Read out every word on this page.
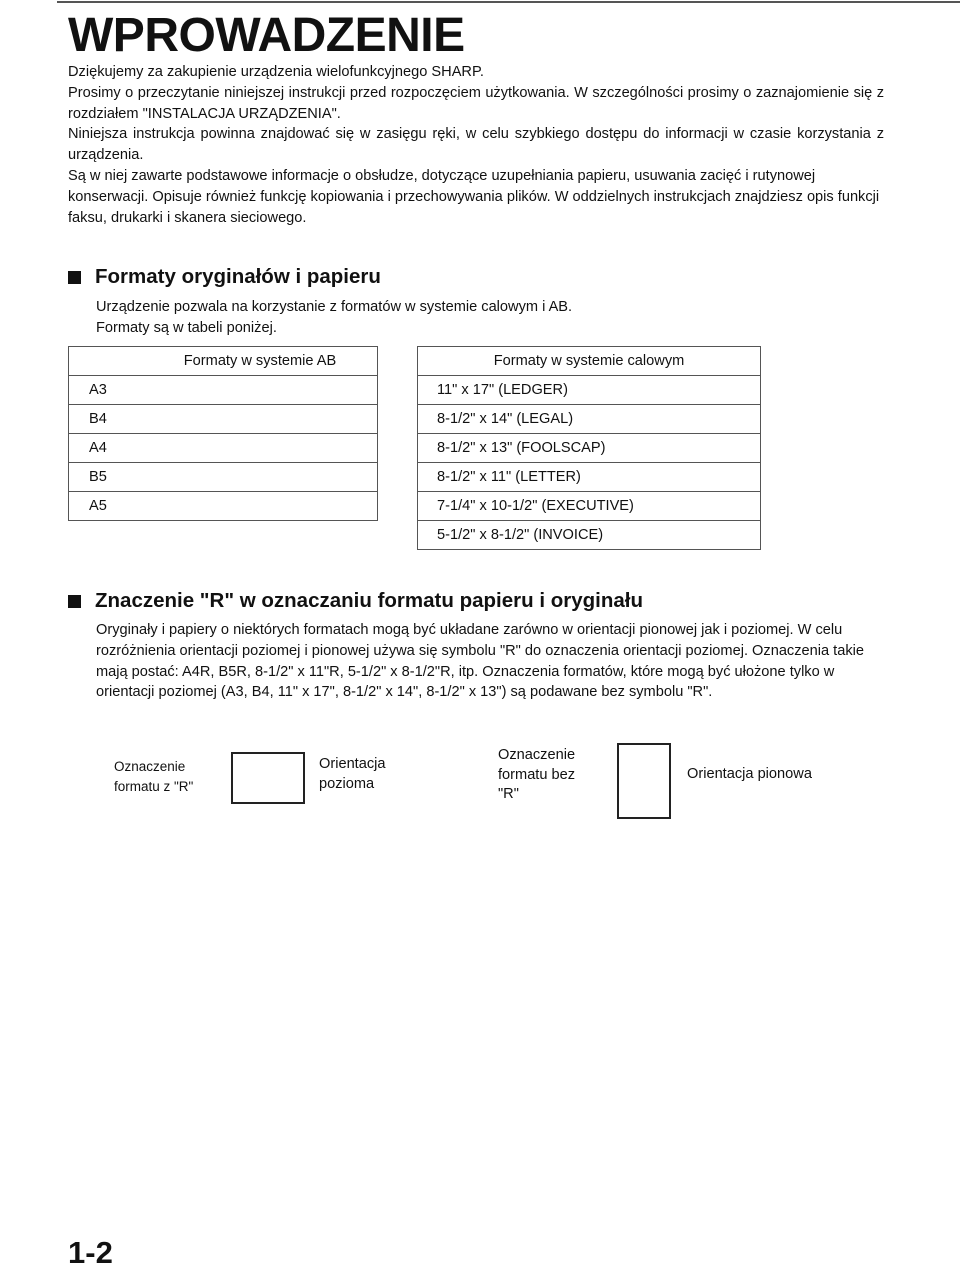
WPROWADZENIE

Dziękujemy za zakupienie urządzenia wielofunkcyjnego SHARP.

Prosimy o przeczytanie niniejszej instrukcji przed rozpoczęciem użytkowania. W szczególności prosimy o zaznajomienie się z rozdziałem "INSTALACJA URZĄDZENIA".

Niniejsza instrukcja powinna znajdować się w zasięgu ręki, w celu szybkiego dostępu do informacji w czasie korzystania z urządzenia.

Są w niej zawarte podstawowe informacje o obsłudze, dotyczące uzupełniania papieru, usuwania zacięć i rutynowej konserwacji. Opisuje również funkcję kopiowania i przechowywania plików. W oddzielnych instrukcjach znajdziesz opis funkcji faksu, drukarki i skanera sieciowego.

Formaty oryginałów i papieru

Urządzenie pozwala na korzystanie z formatów w systemie calowym i AB.

Formaty są w tabeli poniżej.

	Formaty w systemie AB
A3	
B4	
A4	
B5	
A5	
Formaty w systemie calowym
11" x 17" (LEDGER)
8-1/2" x 14" (LEGAL)
8-1/2" x 13" (FOOLSCAP)
8-1/2" x 11" (LETTER)
7-1/4" x 10-1/2" (EXECUTIVE)
5-1/2" x 8-1/2" (INVOICE)
Znaczenie "R" w oznaczaniu formatu papieru i oryginału

Oryginały i papiery o niektórych formatach mogą być układane zarówno w orientacji pionowej jak i poziomej. W celu rozróżnienia orientacji poziomej i pionowej używa się symbolu "R" do oznaczenia orientacji poziomej. Oznaczenia takie mają postać: A4R, B5R, 8-1/2" x 11"R, 5-1/2" x 8-1/2"R, itp. Oznaczenia formatów, które mogą być ułożone tylko w orientacji poziomej (A3, B4, 11" x 17", 8-1/2" x 14", 8-1/2" x 13") są podawane bez symbolu "R".

Oznaczenie
formatu z "R"
Orientacja
pozioma
Oznaczenie
formatu bez
"R"
Orientacja pionowa
1-2
